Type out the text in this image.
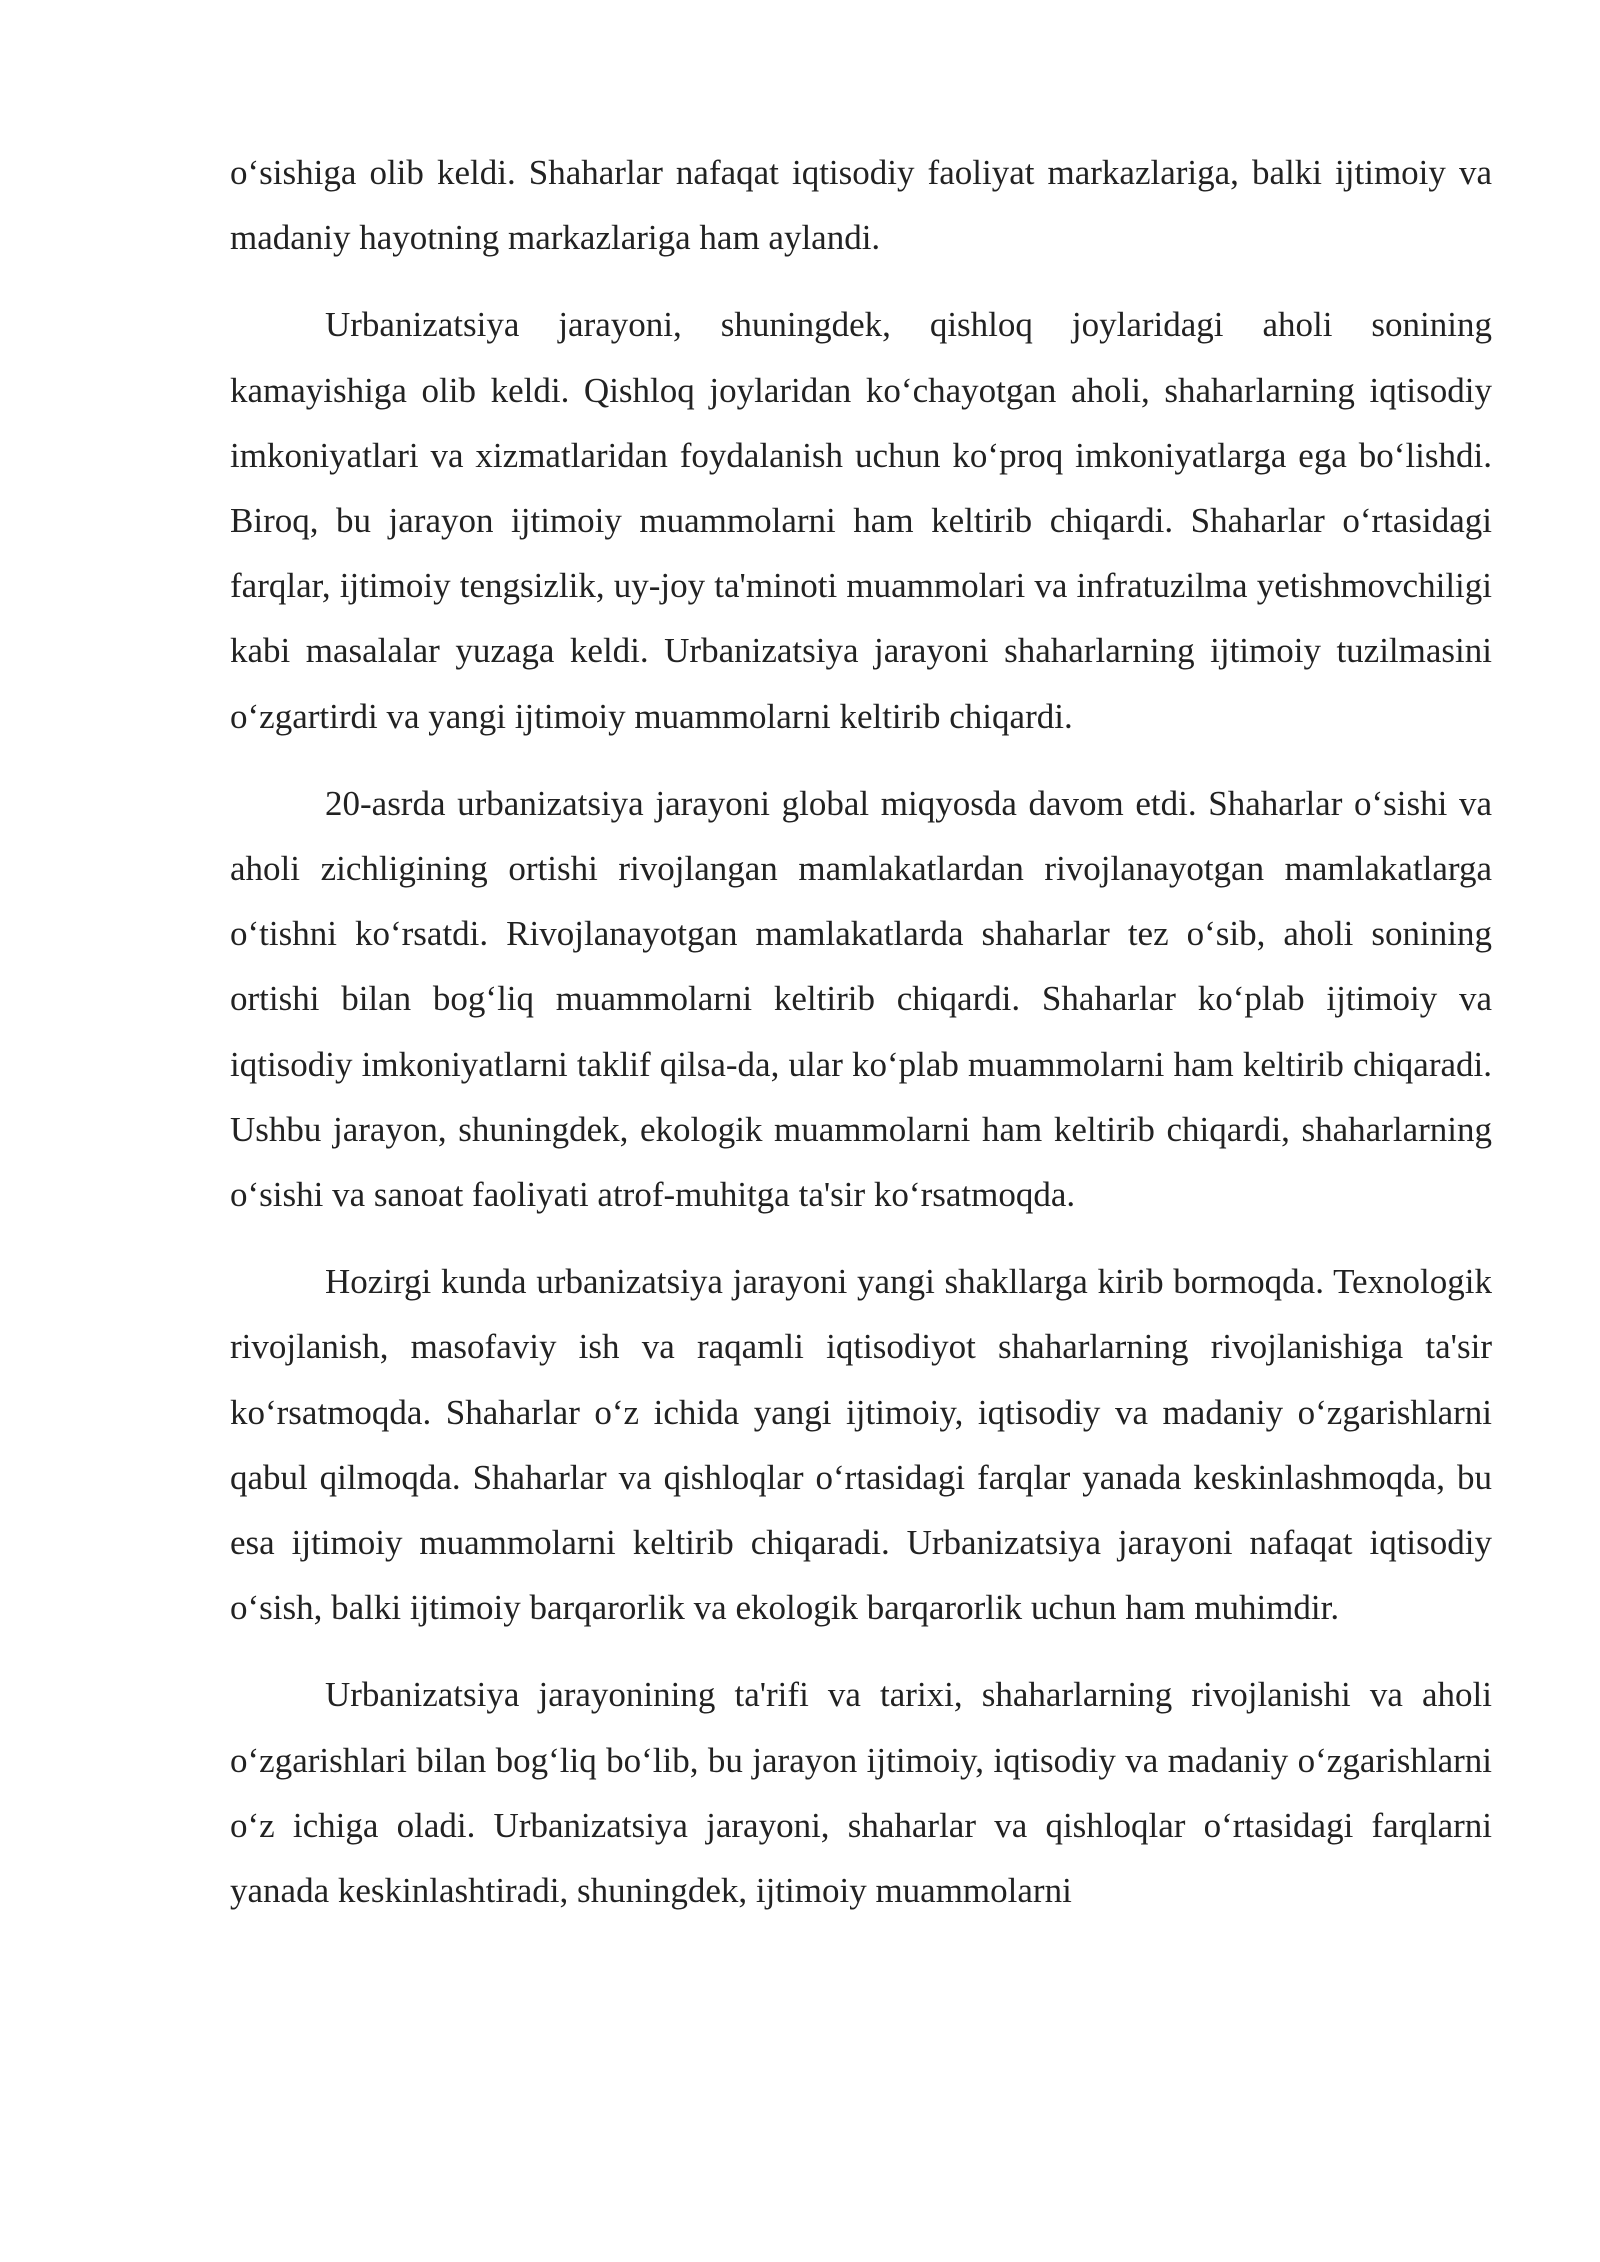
o‘sishiga olib keldi. Shaharlar nafaqat iqtisodiy faoliyat markazlariga, balki ijtimoiy va madaniy hayotning markazlariga ham aylandi.

Urbanizatsiya jarayoni, shuningdek, qishloq joylaridagi aholi sonining kamayishiga olib keldi. Qishloq joylaridan ko‘chayotgan aholi, shaharlarning iqtisodiy imkoniyatlari va xizmatlaridan foydalanish uchun ko‘proq imkoniyatlarga ega bo‘lishdi. Biroq, bu jarayon ijtimoiy muammolarni ham keltirib chiqardi. Shaharlar o‘rtasidagi farqlar, ijtimoiy tengsizlik, uy-joy ta'minoti muammolari va infratuzilma yetishmovchiligi kabi masalalar yuzaga keldi. Urbanizatsiya jarayoni shaharlarning ijtimoiy tuzilmasini o‘zgartirdi va yangi ijtimoiy muammolarni keltirib chiqardi.

20-asrda urbanizatsiya jarayoni global miqyosda davom etdi. Shaharlar o‘sishi va aholi zichligining ortishi rivojlangan mamlakatlardan rivojlanayotgan mamlakatlarga o‘tishni ko‘rsatdi. Rivojlanayotgan mamlakatlarda shaharlar tez o‘sib, aholi sonining ortishi bilan bog‘liq muammolarni keltirib chiqardi. Shaharlar ko‘plab ijtimoiy va iqtisodiy imkoniyatlarni taklif qilsa-da, ular ko‘plab muammolarni ham keltirib chiqaradi. Ushbu jarayon, shuningdek, ekologik muammolarni ham keltirib chiqardi, shaharlarning o‘sishi va sanoat faoliyati atrof-muhitga ta'sir ko‘rsatmoqda.

Hozirgi kunda urbanizatsiya jarayoni yangi shakllarga kirib bormoqda. Texnologik rivojlanish, masofaviy ish va raqamli iqtisodiyot shaharlarning rivojlanishiga ta'sir ko‘rsatmoqda. Shaharlar o‘z ichida yangi ijtimoiy, iqtisodiy va madaniy o‘zgarishlarni qabul qilmoqda. Shaharlar va qishloqlar o‘rtasidagi farqlar yanada keskinlashmoqda, bu esa ijtimoiy muammolarni keltirib chiqaradi. Urbanizatsiya jarayoni nafaqat iqtisodiy o‘sish, balki ijtimoiy barqarorlik va ekologik barqarorlik uchun ham muhimdir.

Urbanizatsiya jarayonining ta'rifi va tarixi, shaharlarning rivojlanishi va aholi o‘zgarishlari bilan bog‘liq bo‘lib, bu jarayon ijtimoiy, iqtisodiy va madaniy o‘zgarishlarni o‘z ichiga oladi. Urbanizatsiya jarayoni, shaharlar va qishloqlar o‘rtasidagi farqlarni yanada keskinlashtiradi, shuningdek, ijtimoiy muammolarni
